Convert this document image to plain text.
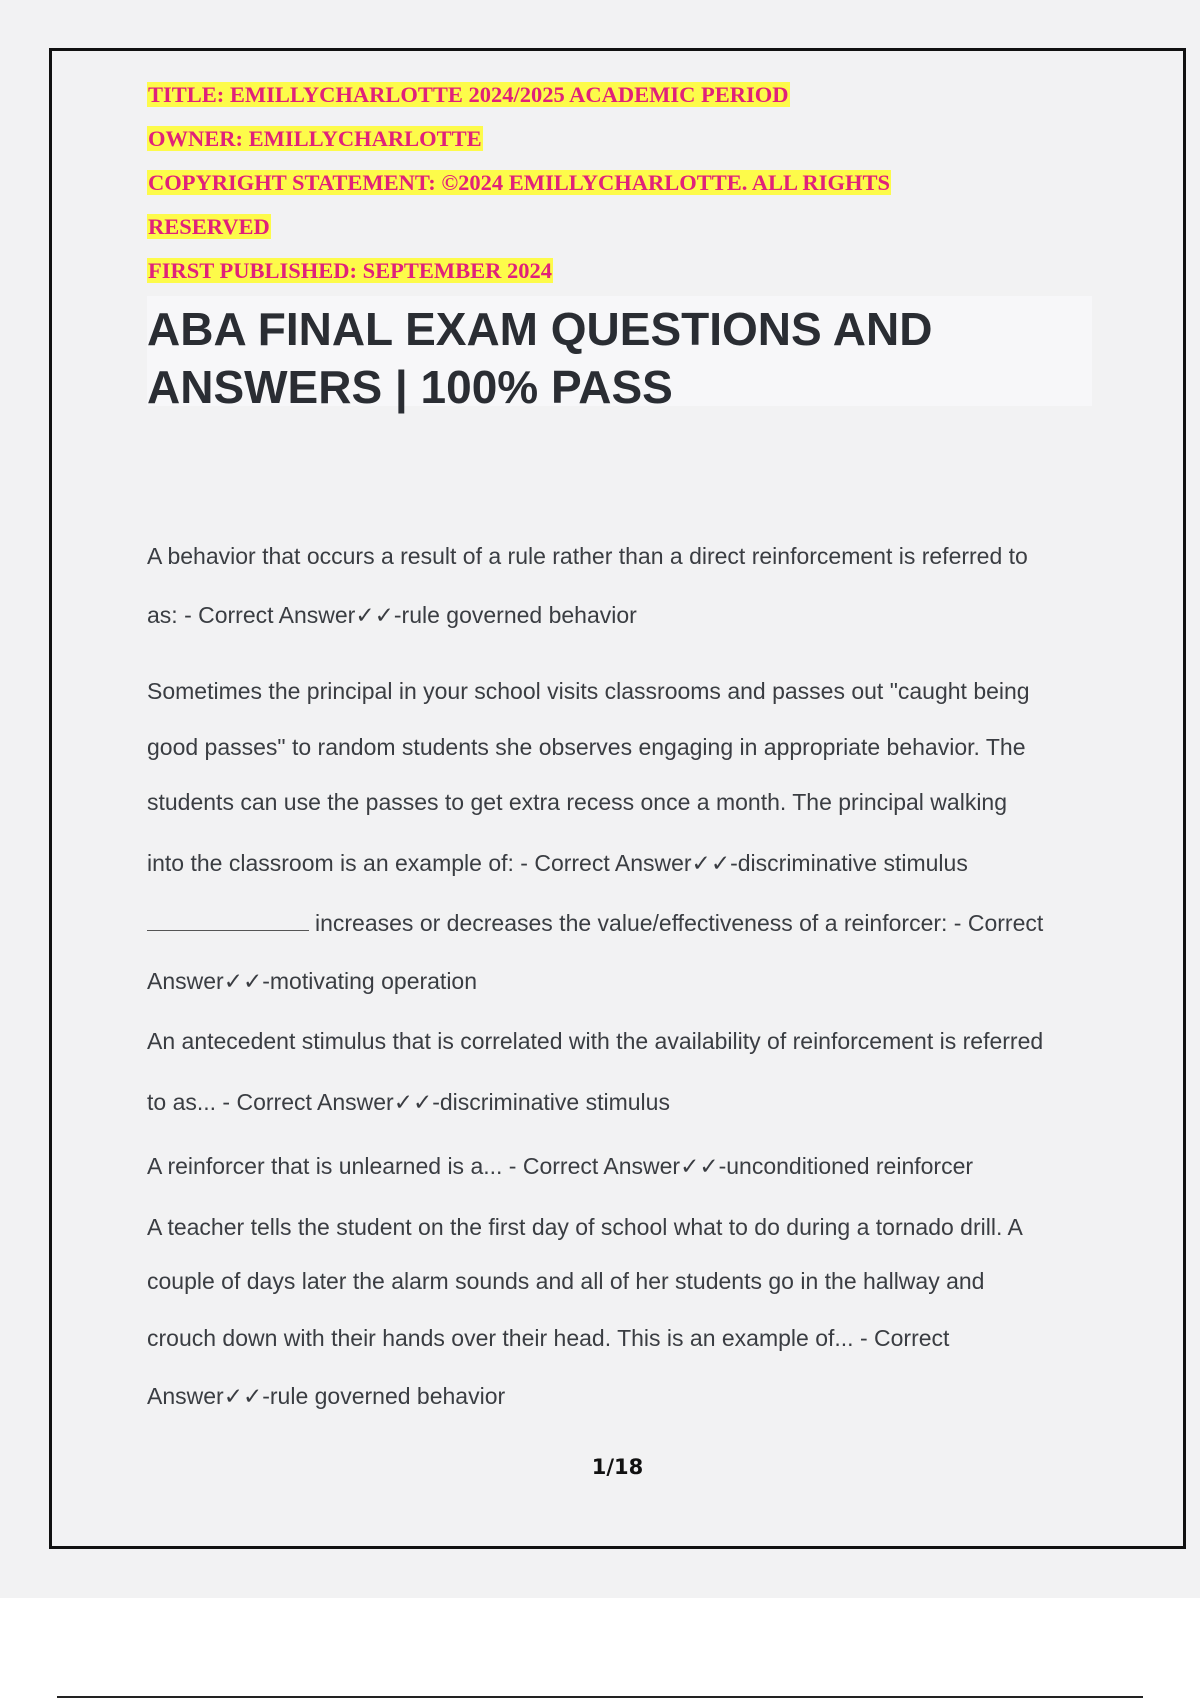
TITLE: EMILLYCHARLOTTE 2024/2025 ACADEMIC PERIOD
OWNER: EMILLYCHARLOTTE
COPYRIGHT STATEMENT: ©2024 EMILLYCHARLOTTE. ALL RIGHTS
RESERVED
FIRST PUBLISHED: SEPTEMBER 2024
ABA FINAL EXAM QUESTIONS AND
ANSWERS | 100% PASS
A behavior that occurs a result of a rule rather than a direct reinforcement is referred to
as: - Correct Answer✓✓-rule governed behavior
Sometimes the principal in your school visits classrooms and passes out "caught being
good passes" to random students she observes engaging in appropriate behavior. The
students can use the passes to get extra recess once a month. The principal walking
into the classroom is an example of: - Correct Answer✓✓-discriminative stimulus
increases or decreases the value/effectiveness of a reinforcer: - Correct
Answer✓✓-motivating operation
An antecedent stimulus that is correlated with the availability of reinforcement is referred
to as... - Correct Answer✓✓-discriminative stimulus
A reinforcer that is unlearned is a... - Correct Answer✓✓-unconditioned reinforcer
A teacher tells the student on the first day of school what to do during a tornado drill. A
couple of days later the alarm sounds and all of her students go in the hallway and
crouch down with their hands over their head. This is an example of... - Correct
Answer✓✓-rule governed behavior
1/18
